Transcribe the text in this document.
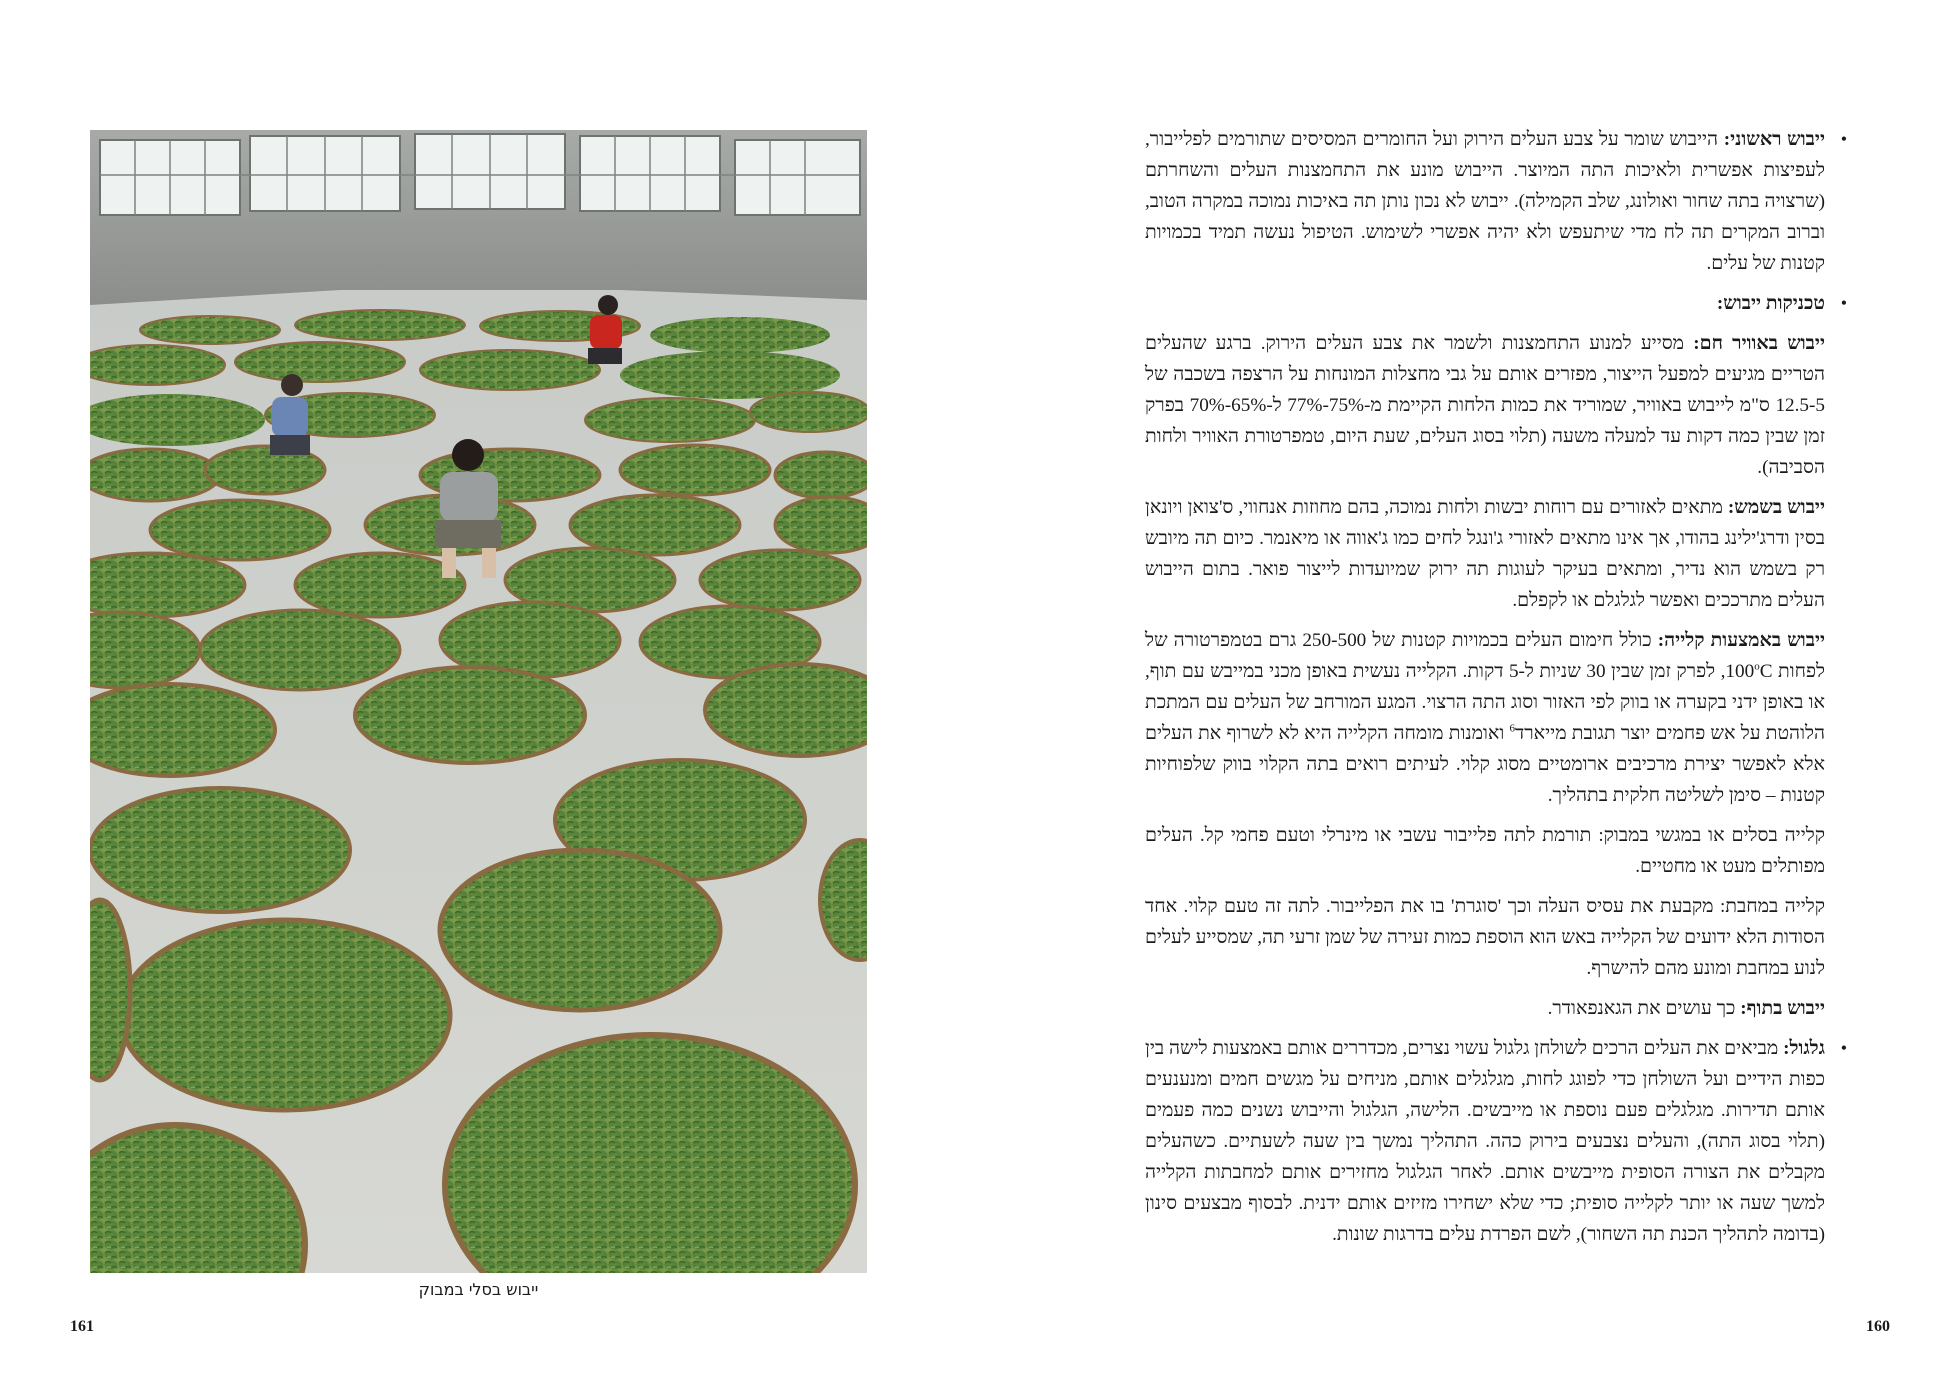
ייבוש בסלי במבוק
161

• ייבוש ראשוני: הייבוש שומר על צבע העלים הירוק ועל החומרים המסיסים שתורמים לפלייבור, לעפיצות אפשרית ולאיכות התה המיוצר. הייבוש מונע את התחמצנות העלים והשחרתם (שרצויה בתה שחור ואולונג, שלב הקמילה). ייבוש לא נכון נותן תה באיכות נמוכה במקרה הטוב, וברוב המקרים תה לח מדי שיתעפש ולא יהיה אפשרי לשימוש. הטיפול נעשה תמיד בכמויות קטנות של עלים.

• טכניקות ייבוש:

ייבוש באוויר חם: מסייע למנוע התחמצנות ולשמר את צבע העלים הירוק. ברגע שהעלים הטריים מגיעים למפעל הייצור, מפזרים אותם על גבי מחצלות המונחות על הרצפה בשכבה של 12.5-5 ס"מ לייבוש באוויר, שמוריד את כמות הלחות הקיימת מ-75%-77% ל-65%-70% בפרק זמן שבין כמה דקות עד למעלה משעה (תלוי בסוג העלים, שעת היום, טמפרטורת האוויר ולחות הסביבה).

ייבוש בשמש: מתאים לאזורים עם רוחות יבשות ולחות נמוכה, בהם מחוזות אנחווי, ס'צואן ויונאן בסין ודרג'ילינג בהודו, אך אינו מתאים לאזורי ג'ונגל לחים כמו ג'אווה או מיאנמר. כיום תה מיובש רק בשמש הוא נדיר, ומתאים בעיקר לעוגות תה ירוק שמיועדות לייצור פואר. בתום הייבוש העלים מתרככים ואפשר לגלגלם או לקפלם.

ייבוש באמצעות קלייה: כולל חימום העלים בכמויות קטנות של 250-500 גרם בטמפרטורה של לפחות 100$^o$C, לפרק זמן שבין 30 שניות ל-5 דקות. הקלייה נעשית באופן מכני במייבש עם תוף, או באופן ידני בקערה או בווק לפי האזור וסוג התה הרצוי. המגע המורחב של העלים עם המתכת הלוהטת על אש פחמים יוצר תגובת מייארד$^6$ ואומנות מומחה הקלייה היא לא לשרוף את העלים אלא לאפשר יצירת מרכיבים ארומטיים מסוג קלוי. לעיתים רואים בתה הקלוי בווק שלפוחיות קטנות – סימן לשליטה חלקית בתהליך.

קלייה בסלים או במגשי במבוק: תורמת לתה פלייבור עשבי או מינרלי וטעם פחמי קל. העלים מפותלים מעט או מחטיים.

קלייה במחבת: מקבעת את עסיס העלה וכך 'סוגרת' בו את הפלייבור. לתה זה טעם קלוי. אחד הסודות הלא ידועים של הקלייה באש הוא הוספת כמות זעירה של שמן זרעי תה, שמסייע לעלים לנוע במחבת ומונע מהם להישרף.

ייבוש בתוף: כך עושים את הגאנפאודר.

• גלגול: מביאים את העלים הרכים לשולחן גלגול עשוי נצרים, מכדררים אותם באמצעות לישה בין כפות הידיים ועל השולחן כדי לפוגג לחות, מגלגלים אותם, מניחים על מגשים חמים ומנענעים אותם תדירות. מגלגלים פעם נוספת או מייבשים. הלישה, הגלגול והייבוש נשנים כמה פעמים (תלוי בסוג התה), והעלים נצבעים בירוק כהה. התהליך נמשך בין שעה לשעתיים. כשהעלים מקבלים את הצורה הסופית מייבשים אותם. לאחר הגלגול מחזירים אותם למחבתות הקלייה למשך שעה או יותר לקלייה סופית; כדי שלא ישחירו מזיזים אותם ידנית. לבסוף מבצעים סינון (בדומה לתהליך הכנת תה השחור), לשם הפרדת עלים בדרגות שונות.

160
